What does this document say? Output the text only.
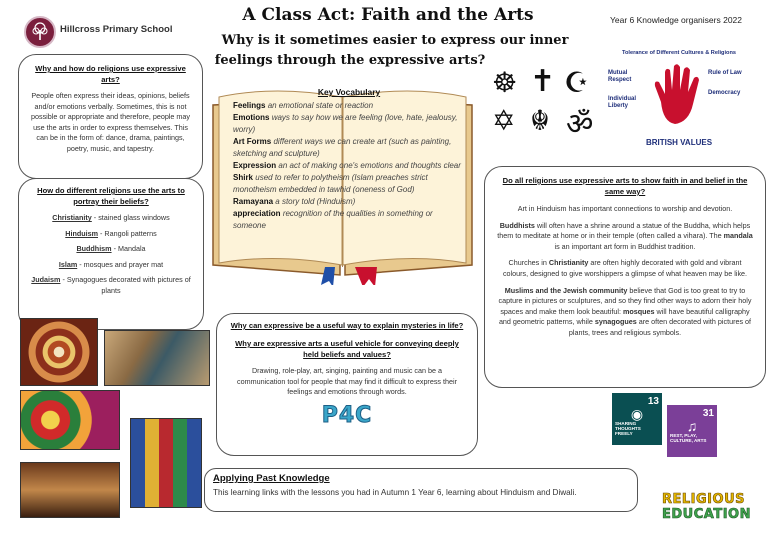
Hillcross Primary School
A Class Act: Faith and the Arts	Year 6 Knowledge organisers 2022
Why is it sometimes easier to express our inner
feelings through the expressive arts?
Why and how do religions use expressive arts?
People often express their ideas, opinions, beliefs and/or emotions verbally. Sometimes, this is not possible or appropriate and therefore, people may use the arts in order to express themselves. This can be in the form of: dance, drama, paintings, poetry, music, and tapestry.
How do different religions use the arts to portray their beliefs?
Christianity - stained glass windows
Hinduism - Rangoli patterns
Buddhism - Mandala
Islam - mosques and prayer mat
Judaism - Synagogues decorated with pictures of plants
Key Vocabulary
Feelings an emotional state or reaction
Emotions ways to say how we are feeling (love, hate, jealousy, worry)
Art Forms different ways we can create art (such as painting, sketching and sculpture)
Expression an act of making one's emotions and thoughts clear
Shirk used to refer to polytheism (Islam preaches strict monotheism embedded in tawhid (oneness of God)
Ramayana a story told (Hinduism)
appreciation recognition of the qualities in something or someone
☸ ✝ ☪
✡ ☬ ॐ
Tolerance of Different Cultures & Religions
Mutual Respect
Individual Liberty
Rule of Law
Democracy
BRITISH VALUES
Do all religions use expressive arts to show faith in and belief in the same way?
Art in Hinduism has important connections to worship and devotion.
Buddhists will often have a shrine around a statue of the Buddha, which helps them to meditate at home or in their temple (often called a vihara). The mandala is an important art form in Buddhist tradition.
Churches in Christianity are often highly decorated with gold and vibrant colours, designed to give worshippers a glimpse of what heaven may be like.
Muslims and the Jewish community believe that God is too great to try to capture in pictures or sculptures, and so they find other ways to adorn their holy spaces and make them look beautiful: mosques will have beautiful calligraphy and geometric patterns, while synagogues are often decorated with pictures of plants, trees and religious symbols.
Why can expressive be a useful way to explain mysteries in life?
Why are expressive arts a useful vehicle for conveying deeply held beliefs and values?
Drawing, role-play, art, singing, painting and music can be a communication tool for people that may find it difficult to express their feelings and emotions through words.
P4C
13
◉
SHARING THOUGHTS FREELY
31
♫
REST, PLAY, CULTURE, ARTS
Applying Past Knowledge
This learning links with the lessons you had in Autumn 1 Year 6, learning about Hinduism and Diwali.	RELIGIOUS
EDUCATION
